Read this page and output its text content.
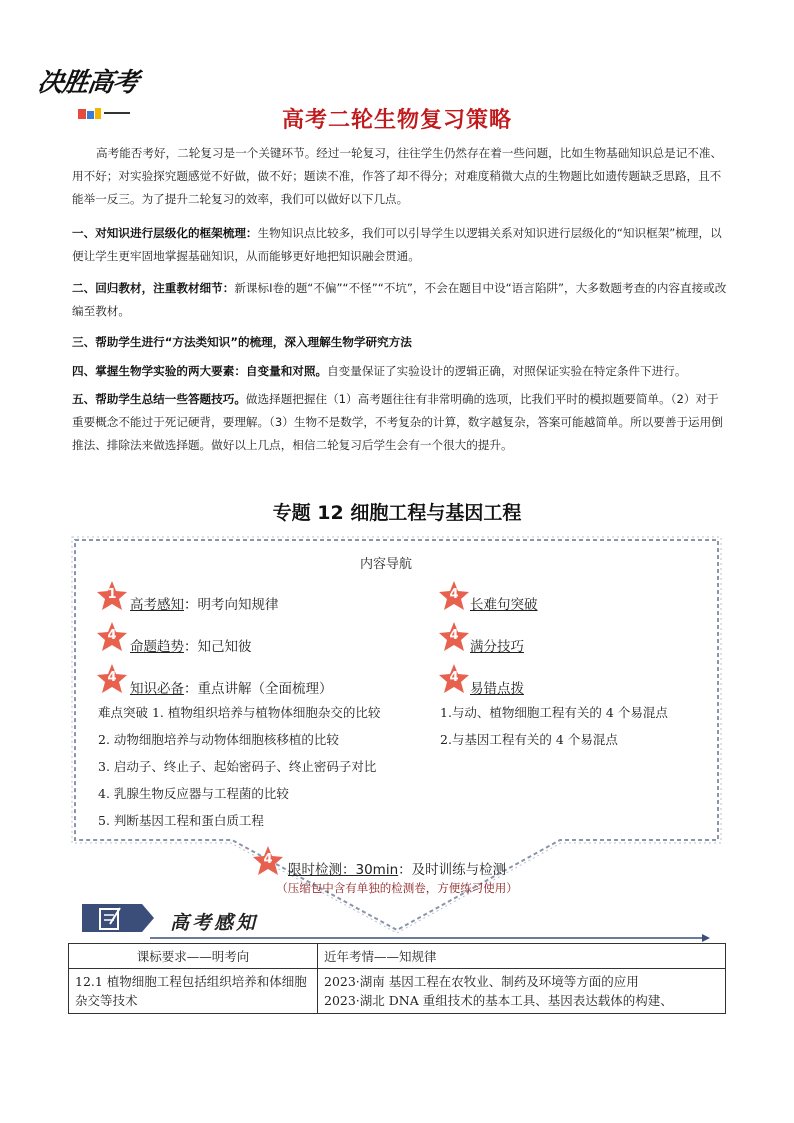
决胜高考
高考二轮生物复习策略
高考能否考好，二轮复习是一个关键环节。经过一轮复习，往往学生仍然存在着一些问题，比如生物基础知识总是记不准、用不好；对实验探究题感觉不好做，做不好；题读不准，作答了却不得分；对难度稍微大点的生物题比如遗传题缺乏思路，且不能举一反三。为了提升二轮复习的效率，我们可以做好以下几点。
一、对知识进行层级化的框架梳理：生物知识点比较多，我们可以引导学生以逻辑关系对知识进行层级化的“知识框架”梳理，以便让学生更牢固地掌握基础知识，从而能够更好地把知识融会贯通。
二、回归教材，注重教材细节：新课标Ⅰ卷的题“不偏”“不怪”“不坑”，不会在题目中设“语言陷阱”，大多数题考查的内容直接或改编至教材。
三、帮助学生进行“方法类知识”的梳理，深入理解生物学研究方法
四、掌握生物学实验的两大要素：自变量和对照。自变量保证了实验设计的逻辑正确，对照保证实验在特定条件下进行。
五、帮助学生总结一些答题技巧。做选择题把握住（1）高考题往往有非常明确的选项，比我们平时的模拟题要简单。（2）对于重要概念不能过于死记硬背，要理解。（3）生物不是数学，不考复杂的计算，数字越复杂，答案可能越简单。所以要善于运用倒推法、排除法来做选择题。做好以上几点，相信二轮复习后学生会有一个很大的提升。
专题 12 细胞工程与基因工程
内容导航
1
高考感知：明考向知规律
4
命题趋势：知己知彼
4
知识必备：重点讲解（全面梳理）
4
长难句突破
4
满分技巧
4
易错点拨
难点突破 1. 植物组织培养与植物体细胞杂交的比较
2. 动物细胞培养与动物体细胞核移植的比较
3. 启动子、终止子、起始密码子、终止密码子对比
4. 乳腺生物反应器与工程菌的比较
5. 判断基因工程和蛋白质工程
1.与动、植物细胞工程有关的 4 个易混点
2.与基因工程有关的 4 个易混点
4
限时检测：30min：及时训练与检测
（压缩包中含有单独的检测卷，方便练习使用）
高考感知
课标要求——明考向	近年考情——知规律
12.1 植物细胞工程包括组织培养和体细胞杂交等技术	2023·湖南 基因工程在农牧业、制药及环境等方面的应用
2023·湖北 DNA 重组技术的基本工具、基因表达载体的构建、
